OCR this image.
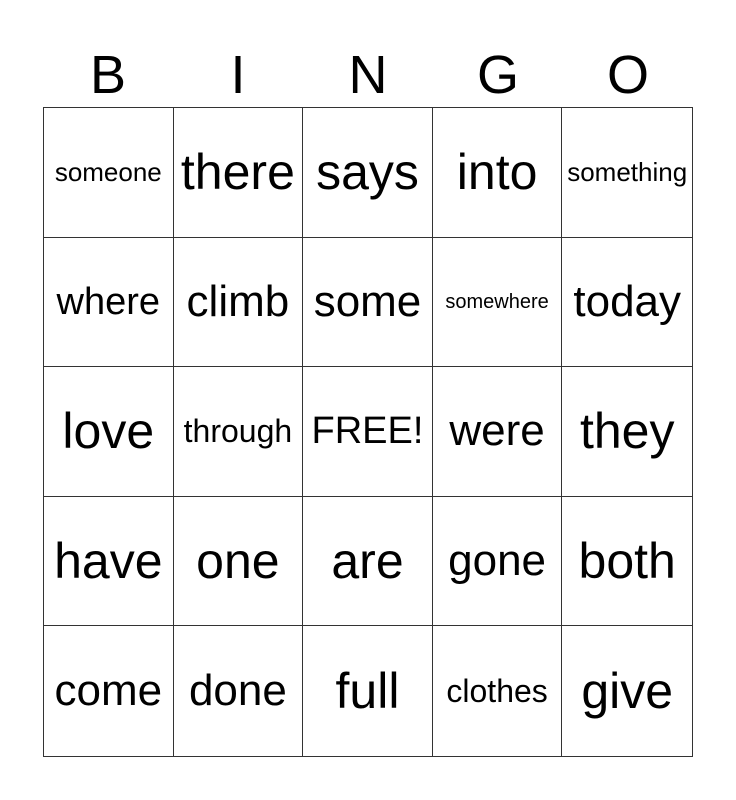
B	I	N	G	O
someone there says into	something
where climb some	somewhere today
love through FREE! were they
have one	are	gone both
come done full	clothes give
